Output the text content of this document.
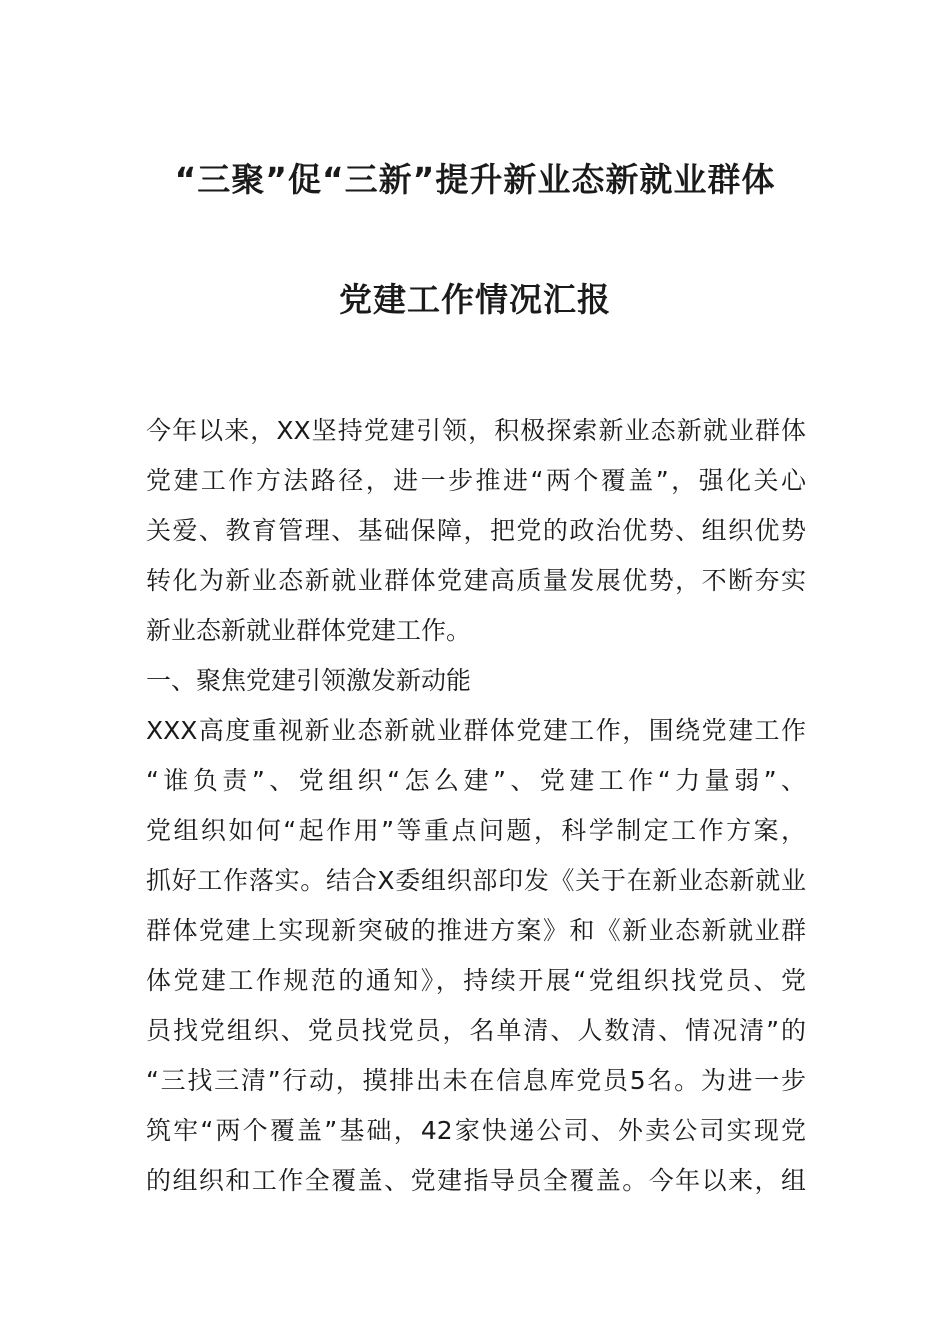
“三聚”促“三新”提升新业态新就业群体
党建工作情况汇报
今年以来，XX坚持党建引领，积极探索新业态新就业群体
党建工作方法路径，进一步推进“两个覆盖”，强化关心
关爱、教育管理、基础保障，把党的政治优势、组织优势
转化为新业态新就业群体党建高质量发展优势，不断夯实
新业态新就业群体党建工作。
一、聚焦党建引领激发新动能
XXX高度重视新业态新就业群体党建工作，围绕党建工作
“谁负责”、党组织“怎么建”、党建工作“力量弱”、
党组织如何“起作用”等重点问题，科学制定工作方案，
抓好工作落实。结合X委组织部印发《关于在新业态新就业
群体党建上实现新突破的推进方案》和《新业态新就业群
体党建工作规范的通知》，持续开展“党组织找党员、党
员找党组织、党员找党员，名单清、人数清、情况清”的
“三找三清”行动，摸排出未在信息库党员5名。为进一步
筑牢“两个覆盖”基础，42家快递公司、外卖公司实现党
的组织和工作全覆盖、党建指导员全覆盖。今年以来，组
